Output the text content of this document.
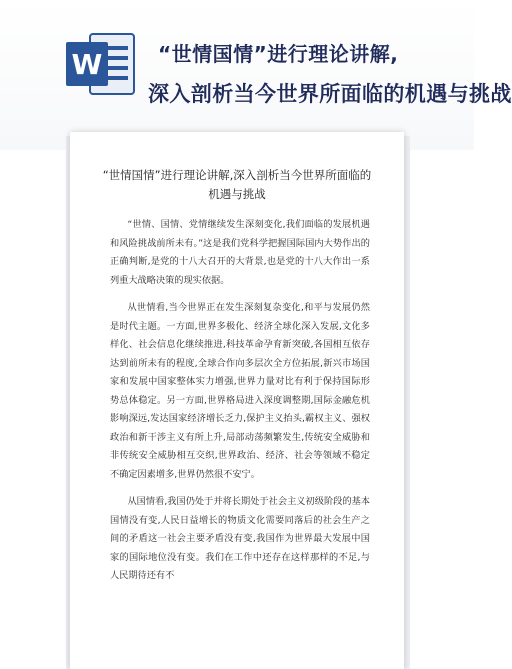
W	“世情国情”进行理论讲解,
深入剖析当今世界所面临的机遇与挑战
“世情国情”进行理论讲解,深入剖析当今世界所面临的机遇与挑战

“世情、国情、党情继续发生深刻变化,我们面临的发展机遇和风险挑战前所未有。”这是我们党科学把握国际国内大势作出的正确判断,是党的十八大召开的大背景,也是党的十八大作出一系列重大战略决策的现实依据。

从世情看,当今世界正在发生深刻复杂变化,和平与发展仍然是时代主题。一方面,世界多极化、经济全球化深入发展,文化多样化、社会信息化继续推进,科技革命孕育新突破,各国相互依存达到前所未有的程度,全球合作向多层次全方位拓展,新兴市场国家和发展中国家整体实力增强,世界力量对比有利于保持国际形势总体稳定。另一方面,世界格局进入深度调整期,国际金融危机影响深远,发达国家经济增长乏力,保护主义抬头,霸权主义、强权政治和新干涉主义有所上升,局部动荡频繁发生,传统安全威胁和非传统安全威胁相互交织,世界政治、经济、社会等领域不稳定不确定因素增多,世界仍然很不安宁。

从国情看,我国仍处于并将长期处于社会主义初级阶段的基本国情没有变,人民日益增长的物质文化需要同落后的社会生产之间的矛盾这一社会主要矛盾没有变,我国作为世界最大发展中国家的国际地位没有变。我们在工作中还存在这样那样的不足,与人民期待还有不
